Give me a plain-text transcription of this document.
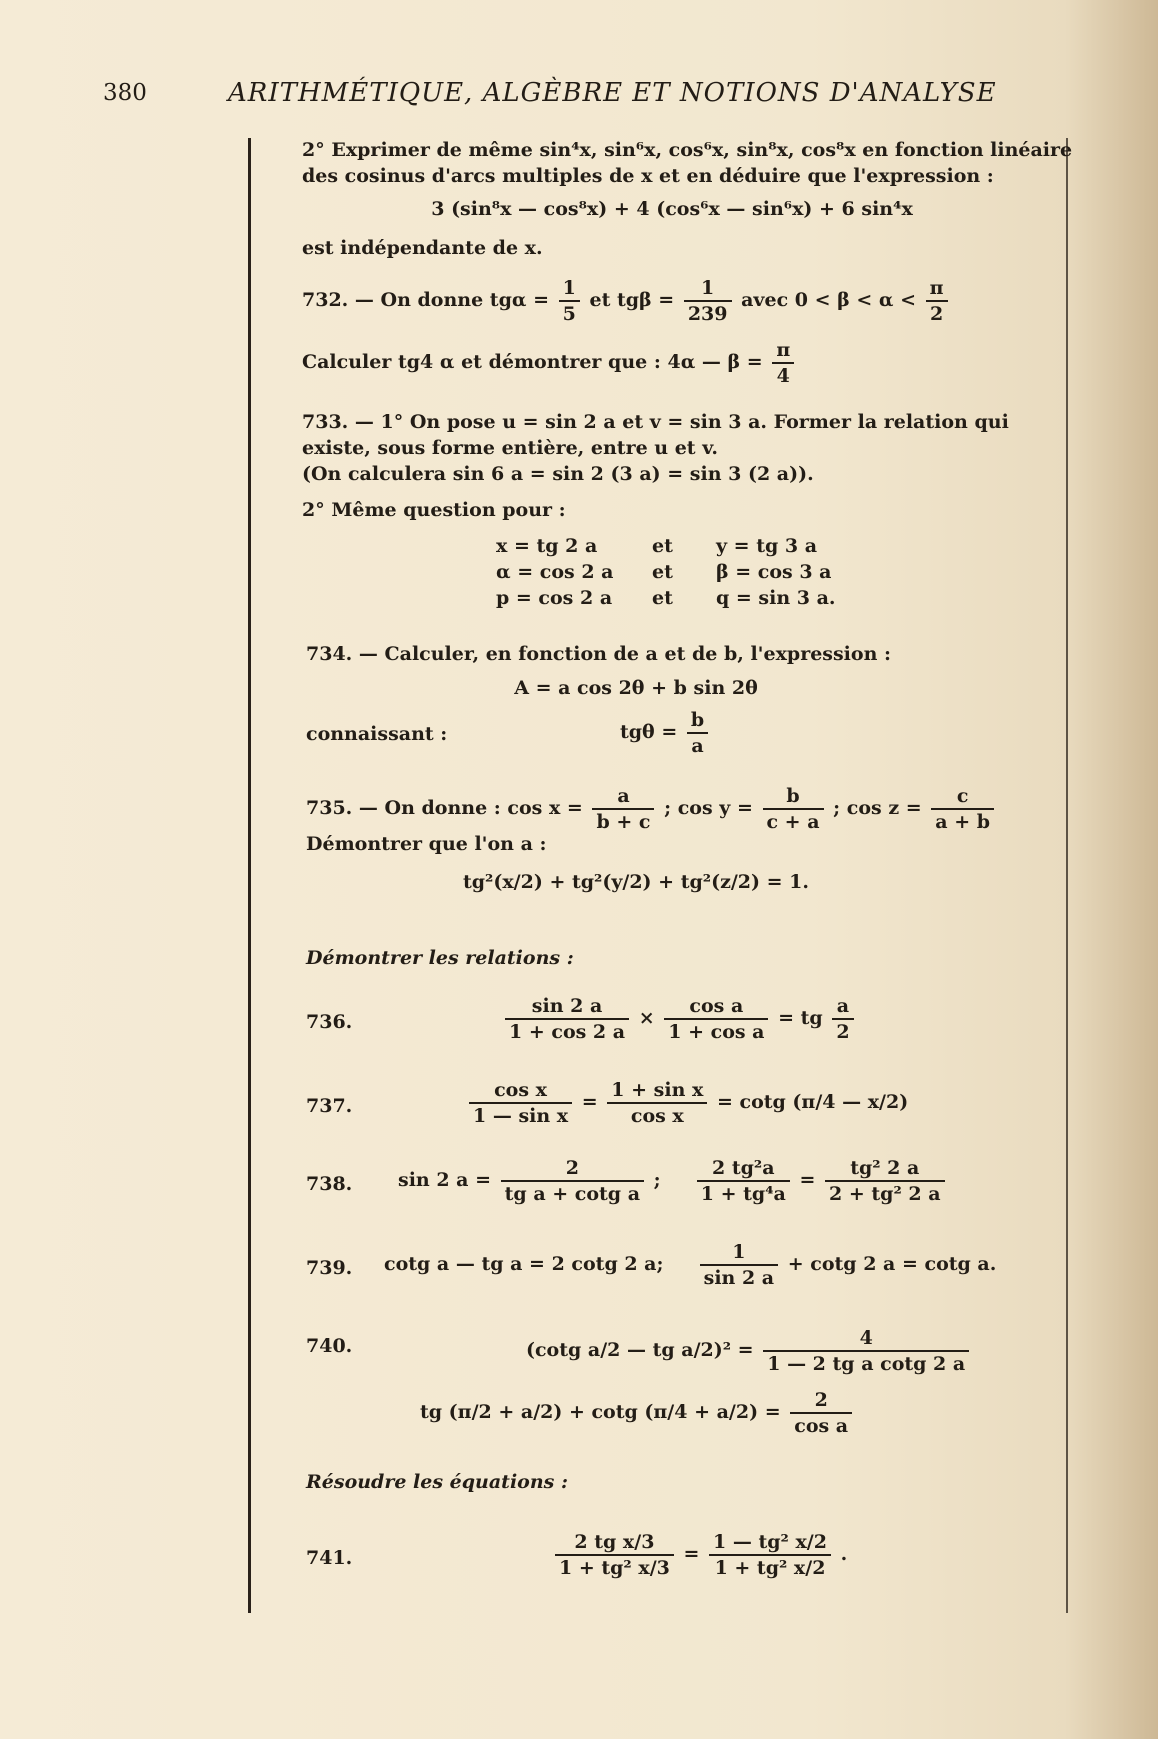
380	ARITHMÉTIQUE, ALGÈBRE ET NOTIONS D'ANALYSE
2° Exprimer de même sin⁴x, sin⁶x, cos⁶x, sin⁸x, cos⁸x en fonction linéaire
des cosinus d'arcs multiples de x et en déduire que l'expression :
3 (sin⁸x — cos⁸x) + 4 (cos⁶x — sin⁶x) + 6 sin⁴x
est indépendante de x.
732. — On donne $tg\alpha = \frac{1}{5}$ et $tg\beta = \frac{1}{239}$ avec $0 < \beta < \alpha < \frac{\pi}{2}$
Calculer tg4 α et démontrer que : 4α — $\beta = \frac{\pi}{4}$
733. — 1° On pose u = sin 2 a et v = sin 3 a. Former la relation qui
existe, sous forme entière, entre u et v.
(On calculera sin 6 a = sin 2 (3 a) = sin 3 (2 a)).
2° Même question pour :
x = tg 2 a	et y = tg 3 a
α = cos 2 a et β = cos 3 a
p = cos 2 a et q = sin 3 a.
734. — Calculer, en fonction de a et de b, l'expression :
A = a cos 2θ + b sin 2θ
connaissant :	$tg\theta = \frac{b}{a}$
735. — On donne : $\cos x = \frac{a}{b + c}$ ; $\cos y = \frac{b}{c + a}$ ; $\cos z = \frac{c}{a + b}$
Démontrer que l'on a :
tg²(x/2) + tg²(y/2) + tg²(z/2) = 1.
Démontrer les relations :
736.	$\frac{\sin 2 a}{1 + \cos 2 a} \times \frac{\text{cos a}}{\text{1 + cos a}}$ = tg $\frac{a}{2}$
737.	$\frac{\text{cos x}}{\text{1 — sin x}} = \frac{\text{1 + sin x}}{\text{cos x}} = \cot g$ (π/4 — x/2)
738. sin 2 $a = \frac{2}{\text{tg a + cotg a}}$ ; $\frac{\text{2 tg²a}}{\text{1 + tg⁴a}} = \frac{\text{tg² 2 a}}{\text{2 + tg² 2 a}}$
739. cotg a — tg a = 2 cotg 2 a; $\frac{1}{\sin 2 a} + \cot g$ 2 a = cotg a.
740.	(cotg a/2 — tg $a/2)^2 = \frac{4}{\text{1 — 2 tg a cotg 2 a}}$
tg (π/2 + a/2) + cotg $(\pi/4 + a/2) = \frac{2}{\text{cos a}}$
Résoudre les équations :
741.	$\frac{\text{2 tg x/3}}{\text{1 + tg² x/3}} = \frac{\text{1 — tg² x/2}}{\text{1 + tg² x/2}}$ .
